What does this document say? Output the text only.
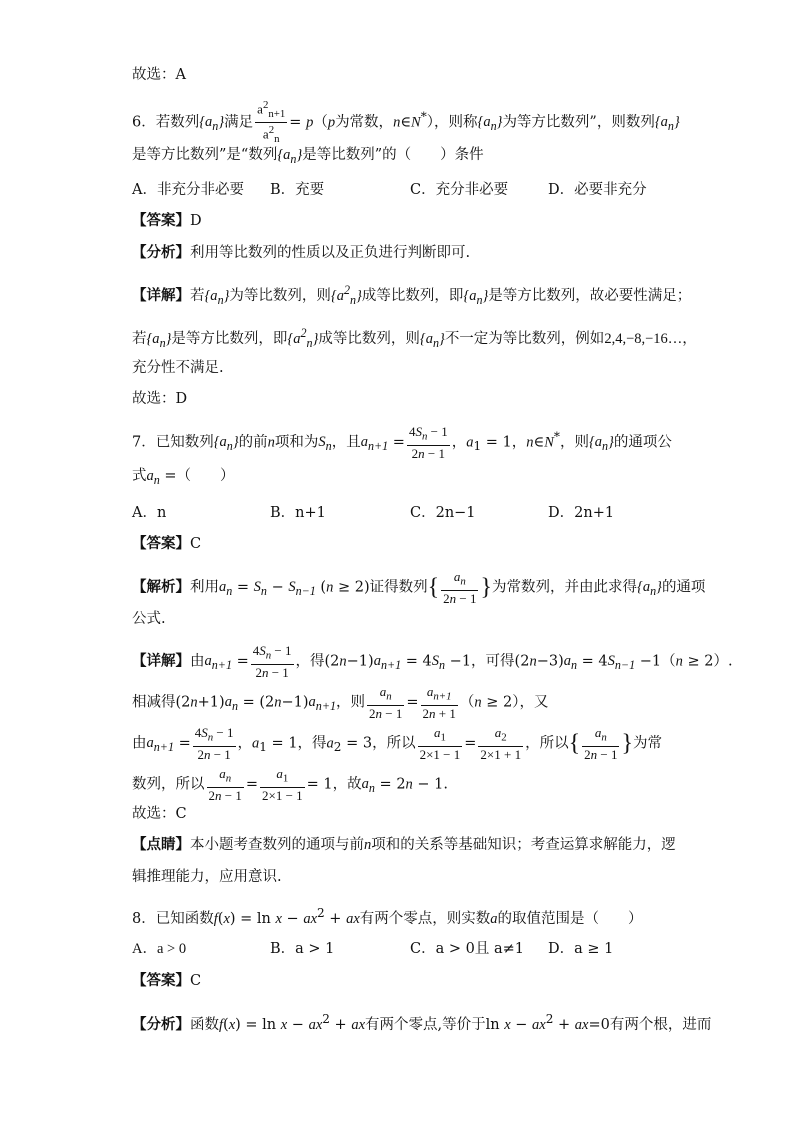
故选：A
6．若数列$\{a_n\}$满足 $\frac{a^2_{n+1}}{a^2_n} = p(p$为常数，n∈N*），则称$\{a_n\}$为等方比数列”，则数列$\{a_n\}$
是等方比数列”是“数列$\{a_n\}$是等比数列”的（　　）条件
A．非充分非必要 B．充要	C．充分非必要	D．必要非充分
【答案】D
【分析】利用等比数列的性质以及正负进行判断即可.
【详解】若$\{a_n\}$为等比数列，则$\{a^2_n\}$成等比数列，即$\{a_n\}$是等方比数列，故必要性满足；
若$\{a_n\}$是等方比数列，即$\{a^2_n\}$成等比数列，则$\{a_n\}$不一定为等比数列，例如2,4,−8,−16…，
充分性不满足.
故选：D
7．已知数列$\{a_n\}$的前n项和为$S_n$，且$a_{n+1} = \frac{4S_n - 1}{2n - 1}$ ，$a_1 = 1$，n∈N*，则$\{a_n\}$的通项公
式$a_n$ =（　　）
A．n	B．n+1	C．2n−1	D．2n+1
【答案】C
【解析】利用$a_n = S_n - S_{n-1}$ (n ≥ 2)证得数列{ $\frac{a_n}{2n - 1}$ }为常数列，并由此求得$\{a_n\}$的通项
公式.
【详解】由$a_{n+1} = \frac{4S_n - 1}{2n - 1}$ ，得$(2n-1)a_{n+1} = 4S_n -1$，可得$(2n-3)a_n = 4S_{n-1} -1(n \ge 2)$.
相减得$(2n+1)a_n = (2n-1)a_{n+1}$，则 $\frac{a_n}{2n - 1} = \frac{a_{n+1}}{2n + 1} (n \ge 2)$，又
由$a_{n+1} = \frac{4S_n - 1}{2n - 1}$ ，$a_1 = 1$，得$a_2 = 3$，所以 $\frac{a_1}{2\times 1 - 1} = \frac{a_2}{2\times 1 + 1}$ ，所以{ $\frac{a_n}{2n - 1}$ }为常
数列，所以 $\frac{a_n}{2n - 1} = \frac{a_1}{2\times 1 - 1} = 1$，故$a_n = 2n - 1$.
故选：C
【点睛】本小题考查数列的通项与前n项和的关系等基础知识；考查运算求解能力，逻
辑推理能力，应用意识.
8．已知函数$f(x) = \ln x - ax^2$ + ax有两个零点，则实数a的取值范围是（　　）
A．a > 0	B．a > 1	C．a > 0且 a≠1 D．a ≥ 1
【答案】C
【分析】函数$f(x) = \ln x - ax^2$ + ax有两个零点,等价于$\ln x - ax^2 + ax=0$有两个根，进而
